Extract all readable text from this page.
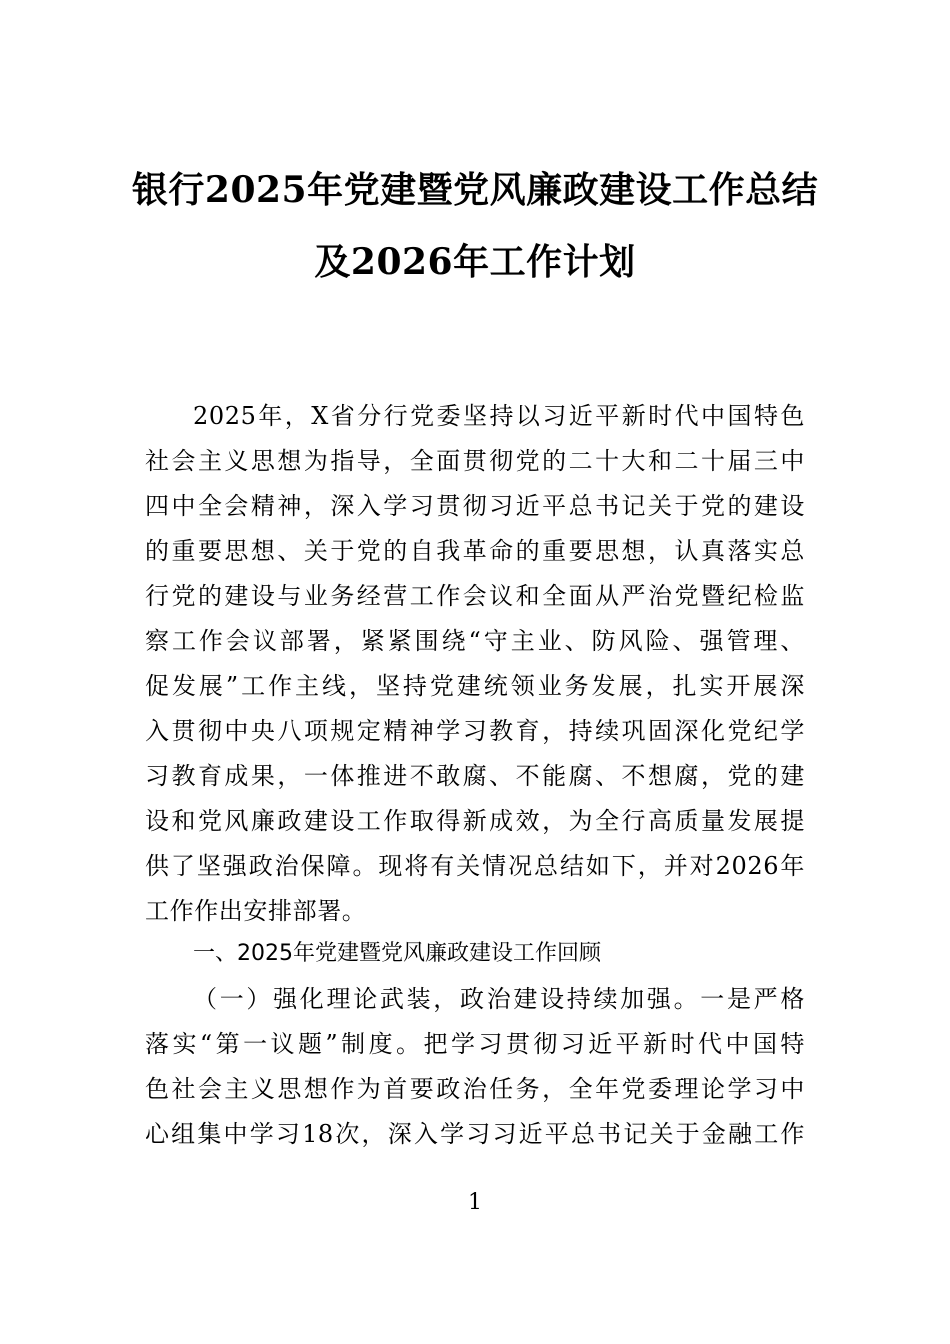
银行2025年党建暨党风廉政建设工作总结
及2026年工作计划
2025年，X省分行党委坚持以习近平新时代中国特色
社会主义思想为指导，全面贯彻党的二十大和二十届三中
四中全会精神，深入学习贯彻习近平总书记关于党的建设
的重要思想、关于党的自我革命的重要思想，认真落实总
行党的建设与业务经营工作会议和全面从严治党暨纪检监
察工作会议部署，紧紧围绕“守主业、防风险、强管理、
促发展”工作主线，坚持党建统领业务发展，扎实开展深
入贯彻中央八项规定精神学习教育，持续巩固深化党纪学
习教育成果，一体推进不敢腐、不能腐、不想腐，党的建
设和党风廉政建设工作取得新成效，为全行高质量发展提
供了坚强政治保障。现将有关情况总结如下，并对2026年
工作作出安排部署。
一、2025年党建暨党风廉政建设工作回顾
（一）强化理论武装，政治建设持续加强。一是严格
落实“第一议题”制度。把学习贯彻习近平新时代中国特
色社会主义思想作为首要政治任务，全年党委理论学习中
心组集中学习18次，深入学习习近平总书记关于金融工作
1
